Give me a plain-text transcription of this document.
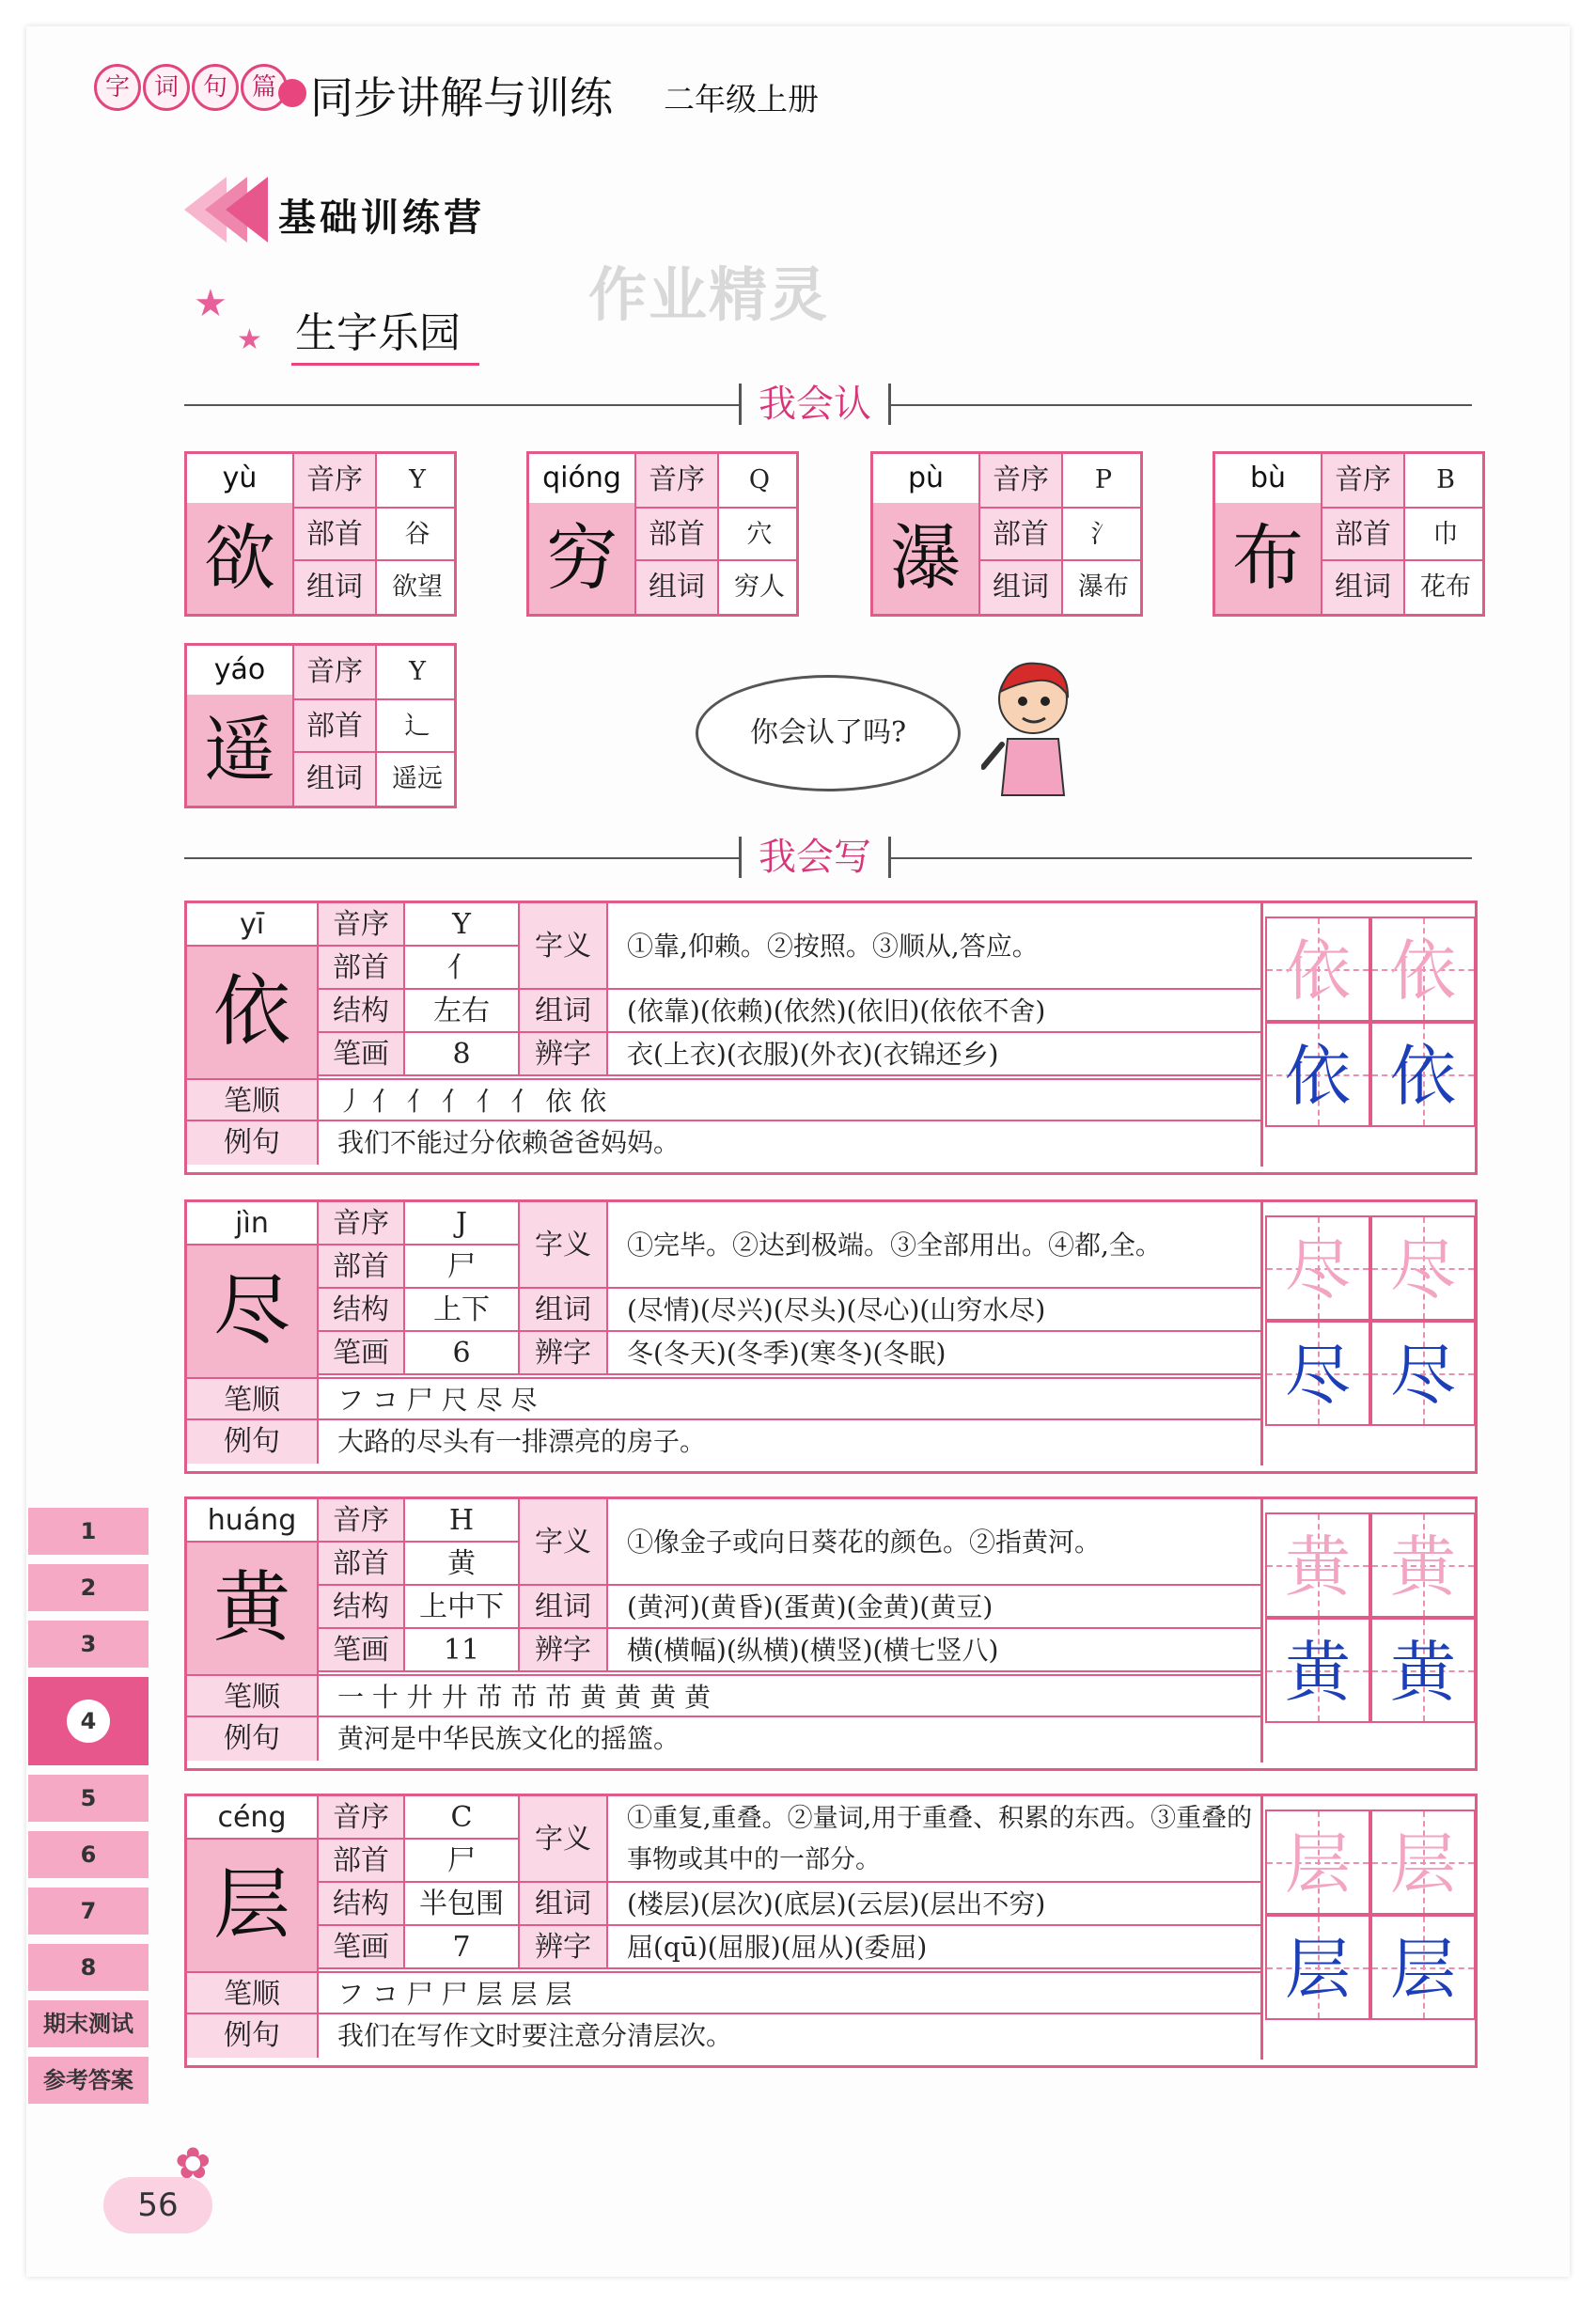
字 词 句 篇 同步讲解与训练 二年级上册
基础训练营
★
★ 生字乐园
作业精灵
我会认
yù
欲
音序	Y
部首	谷
组词	欲望
qióng
穷
音序	Q
部首	穴
组词	穷人
pù
瀑
音序	P
部首	氵
组词	瀑布
bù
布
音序	B
部首	巾
组词	花布
yáo
遥
音序	Y
部首	辶
组词	遥远
你会认了吗?
我会写
yī
依
音序	Y
部首	亻
结构	左右
笔画	8
字义	①靠,仰赖。②按照。③顺从,答应。
组词	(依靠)(依赖)(依然)(依旧)(依依不舍)
辨字	衣(上衣)(衣服)(外衣)(衣锦还乡)
笔顺	丿 亻 亻 亻 亻 亻 依 依
例句	我们不能过分依赖爸爸妈妈。
依 依
依 依
jìn
尽
音序	J
部首	尸
结构	上下
笔画	6
字义	①完毕。②达到极端。③全部用出。④都,全。
组词	(尽情)(尽兴)(尽头)(尽心)(山穷水尽)
辨字	冬(冬天)(冬季)(寒冬)(冬眠)
笔顺	フ コ 尸 尺 尽 尽
例句	大路的尽头有一排漂亮的房子。
尽 尽
尽 尽
huáng
黄
音序	H
部首	黄
结构	上中下
笔画	11
字义	①像金子或向日葵花的颜色。②指黄河。
组词	(黄河)(黄昏)(蛋黄)(金黄)(黄豆)
辨字	横(横幅)(纵横)(横竖)(横七竖八)
笔顺	一 十 廾 廾 芇 芇 芇 黄 黄 黄 黄
例句	黄河是中华民族文化的摇篮。
黄 黄
黄 黄
céng
层
音序	C
部首	尸
结构	半包围
笔画	7
字义
①重复,重叠。②量词,用于重叠、积累的东西。③重叠的事物或其中的一部分。
组词	(楼层)(层次)(底层)(云层)(层出不穷)
辨字	屈(qū)(屈服)(屈从)(委屈)
笔顺	フ コ 尸 尸 层 层 层
例句	我们在写作文时要注意分清层次。
层 层
层 层
1
2
3
4
5
6
7
8
期末测试
参考答案
56
✿
